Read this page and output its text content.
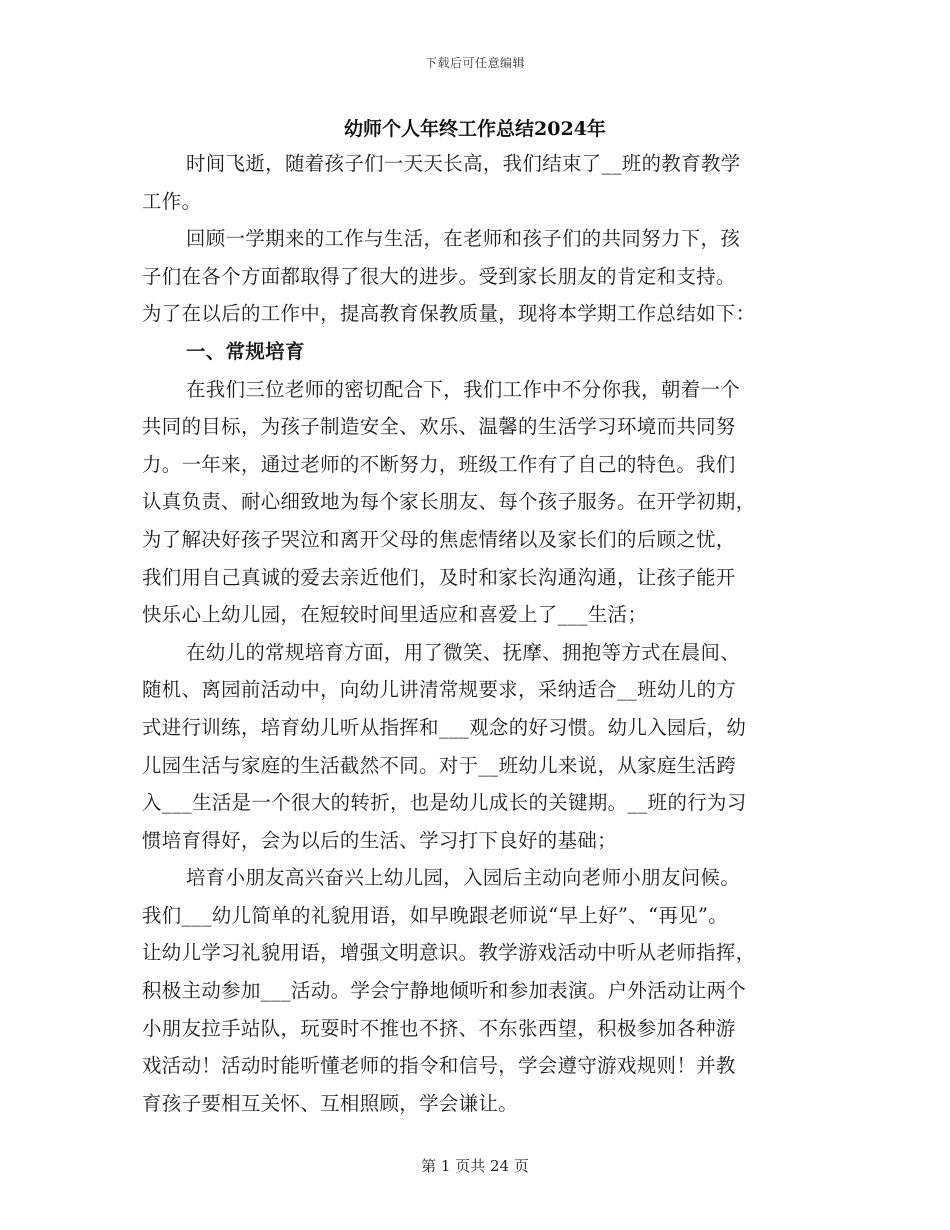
下载后可任意编辑
幼师个人年终工作总结2024年
时间飞逝，随着孩子们一天天长高，我们结束了__班的教育教学
工作。
回顾一学期来的工作与生活，在老师和孩子们的共同努力下，孩
子们在各个方面都取得了很大的进步。受到家长朋友的肯定和支持。
为了在以后的工作中，提高教育保教质量，现将本学期工作总结如下：
一、常规培育
在我们三位老师的密切配合下，我们工作中不分你我，朝着一个
共同的目标，为孩子制造安全、欢乐、温馨的生活学习环境而共同努
力。一年来，通过老师的不断努力，班级工作有了自己的特色。我们
认真负责、耐心细致地为每个家长朋友、每个孩子服务。在开学初期，
为了解决好孩子哭泣和离开父母的焦虑情绪以及家长们的后顾之忧，
我们用自己真诚的爱去亲近他们，及时和家长沟通沟通，让孩子能开
快乐心上幼儿园，在短较时间里适应和喜爱上了___生活；
在幼儿的常规培育方面，用了微笑、抚摩、拥抱等方式在晨间、
随机、离园前活动中，向幼儿讲清常规要求，采纳适合__班幼儿的方
式进行训练，培育幼儿听从指挥和___观念的好习惯。幼儿入园后，幼
儿园生活与家庭的生活截然不同。对于__班幼儿来说，从家庭生活跨
入___生活是一个很大的转折，也是幼儿成长的关键期。__班的行为习
惯培育得好，会为以后的生活、学习打下良好的基础；
培育小朋友高兴奋兴上幼儿园，入园后主动向老师小朋友问候。
我们___幼儿简单的礼貌用语，如早晚跟老师说“早上好”、“再见”。
让幼儿学习礼貌用语，增强文明意识。教学游戏活动中听从老师指挥，
积极主动参加___活动。学会宁静地倾听和参加表演。户外活动让两个
小朋友拉手站队，玩耍时不推也不挤、不东张西望，积极参加各种游
戏活动！活动时能听懂老师的指令和信号，学会遵守游戏规则！并教
育孩子要相互关怀、互相照顾，学会谦让。
第 1 页共 24 页
